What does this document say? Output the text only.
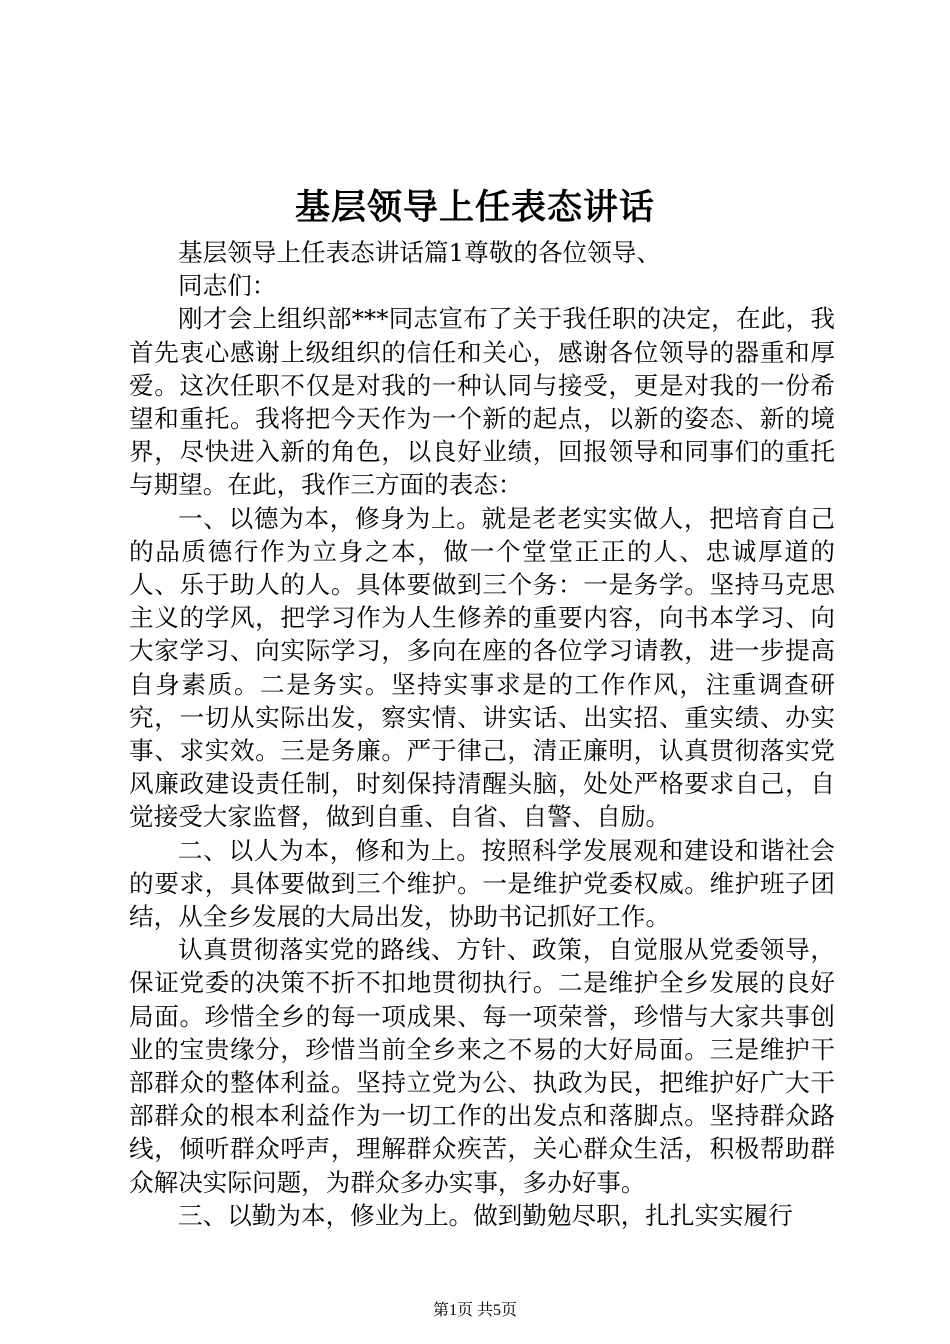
基层领导上任表态讲话

基层领导上任表态讲话篇1尊敬的各位领导、

同志们：

刚才会上组织部***同志宣布了关于我任职的决定，在此，我首先衷心感谢上级组织的信任和关心，感谢各位领导的器重和厚爱。这次任职不仅是对我的一种认同与接受，更是对我的一份希望和重托。我将把今天作为一个新的起点，以新的姿态、新的境界，尽快进入新的角色，以良好业绩，回报领导和同事们的重托与期望。在此，我作三方面的表态：

一、以德为本，修身为上。就是老老实实做人，把培育自己的品质德行作为立身之本，做一个堂堂正正的人、忠诚厚道的人、乐于助人的人。具体要做到三个务：一是务学。坚持马克思主义的学风，把学习作为人生修养的重要内容，向书本学习、向大家学习、向实际学习，多向在座的各位学习请教，进一步提高自身素质。二是务实。坚持实事求是的工作作风，注重调查研究，一切从实际出发，察实情、讲实话、出实招、重实绩、办实事、求实效。三是务廉。严于律己，清正廉明，认真贯彻落实党风廉政建设责任制，时刻保持清醒头脑，处处严格要求自己，自觉接受大家监督，做到自重、自省、自警、自励。

二、以人为本，修和为上。按照科学发展观和建设和谐社会的要求，具体要做到三个维护。一是维护党委权威。维护班子团结，从全乡发展的大局出发，协助书记抓好工作。

认真贯彻落实党的路线、方针、政策，自觉服从党委领导，保证党委的决策不折不扣地贯彻执行。二是维护全乡发展的良好局面。珍惜全乡的每一项成果、每一项荣誉，珍惜与大家共事创业的宝贵缘分，珍惜当前全乡来之不易的大好局面。三是维护干部群众的整体利益。坚持立党为公、执政为民，把维护好广大干部群众的根本利益作为一切工作的出发点和落脚点。坚持群众路线，倾听群众呼声，理解群众疾苦，关心群众生活，积极帮助群众解决实际问题，为群众多办实事，多办好事。

三、以勤为本，修业为上。做到勤勉尽职，扎扎实实履行

第1页 共5页
